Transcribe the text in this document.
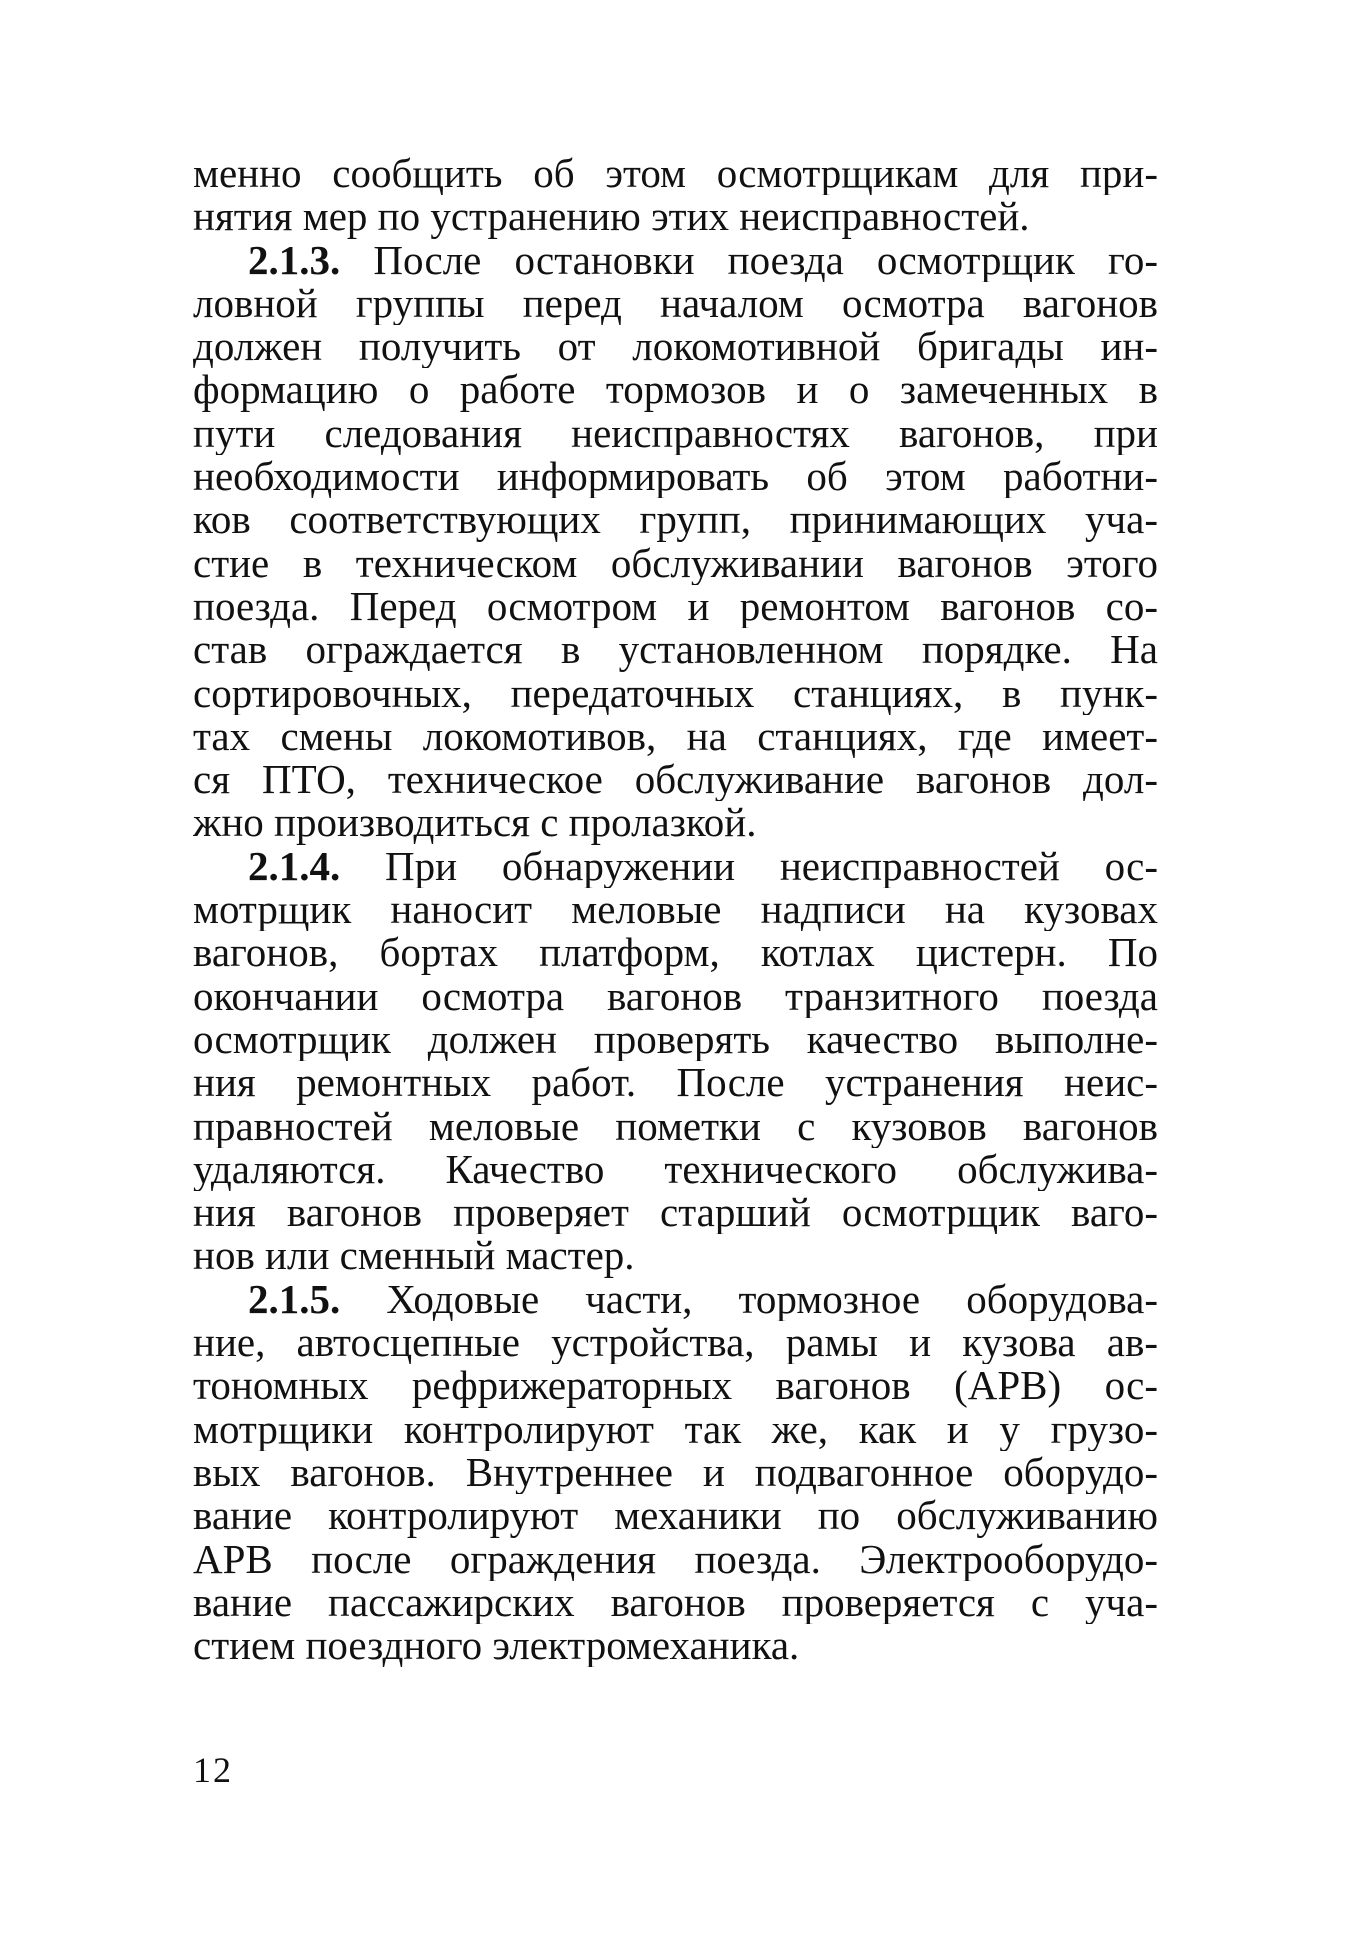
менно сообщить об этом осмотрщикам для при-
нятия мер по устранению этих неисправностей.
2.1.3. После остановки поезда осмотрщик го-
ловной группы перед началом осмотра вагонов
должен получить от локомотивной бригады ин-
формацию о работе тормозов и о замеченных в
пути следования неисправностях вагонов, при
необходимости информировать об этом работни-
ков соответствующих групп, принимающих уча-
стие в техническом обслуживании вагонов этого
поезда. Перед осмотром и ремонтом вагонов со-
став ограждается в установленном порядке. На
сортировочных, передаточных станциях, в пунк-
тах смены локомотивов, на станциях, где имеет-
ся ПТО, техническое обслуживание вагонов дол-
жно производиться с пролазкой.
2.1.4. При обнаружении неисправностей ос-
мотрщик наносит меловые надписи на кузовах
вагонов, бортах платформ, котлах цистерн. По
окончании осмотра вагонов транзитного поезда
осмотрщик должен проверять качество выполне-
ния ремонтных работ. После устранения неис-
правностей меловые пометки с кузовов вагонов
удаляются. Качество технического обслужива-
ния вагонов проверяет старший осмотрщик ваго-
нов или сменный мастер.
2.1.5. Ходовые части, тормозное оборудова-
ние, автосцепные устройства, рамы и кузова ав-
тономных рефрижераторных вагонов (АРВ) ос-
мотрщики контролируют так же, как и у грузо-
вых вагонов. Внутреннее и подвагонное оборудо-
вание контролируют механики по обслуживанию
АРВ после ограждения поезда. Электрооборудо-
вание пассажирских вагонов проверяется с уча-
стием поездного электромеханика.
12
